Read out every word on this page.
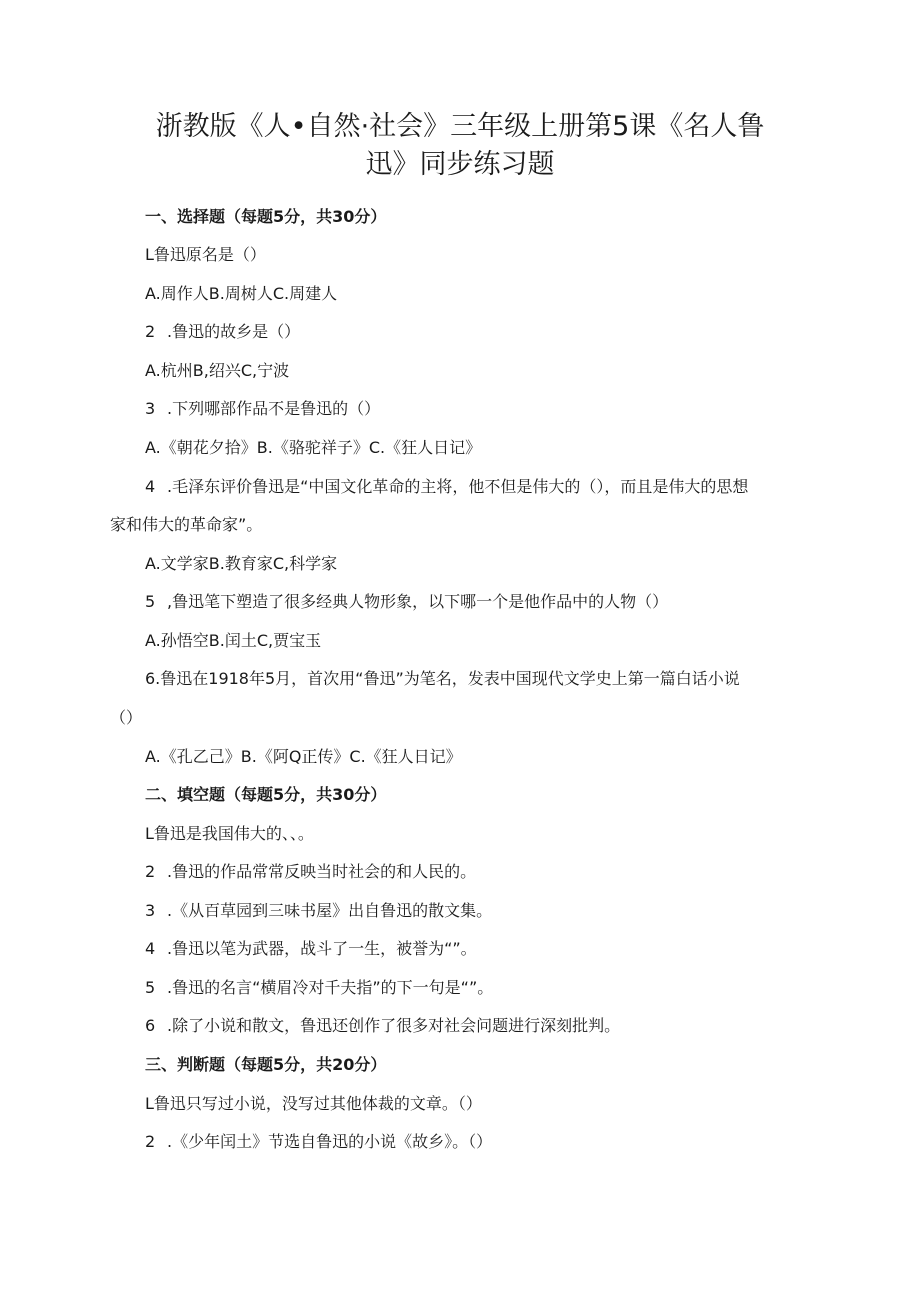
浙教版《人•自然·社会》三年级上册第5课《名人鲁
迅》同步练习题
一、选择题（每题5分，共30分）
L鲁迅原名是（）
A.周作人B.周树人C.周建人
2 .鲁迅的故乡是（）
A.杭州B,绍兴C,宁波
3 .下列哪部作品不是鲁迅的（）
A.《朝花夕拾》B.《骆驼祥子》C.《狂人日记》
4 .毛泽东评价鲁迅是“中国文化革命的主将，他不但是伟大的（），而且是伟大的思想
家和伟大的革命家”。
A.文学家B.教育家C,科学家
5 ,鲁迅笔下塑造了很多经典人物形象，以下哪一个是他作品中的人物（）
A.孙悟空B.闰土C,贾宝玉
6.鲁迅在1918年5月，首次用“鲁迅”为笔名，发表中国现代文学史上第一篇白话小说
（）
A.《孔乙己》B.《阿Q正传》C.《狂人日记》
二、填空题（每题5分，共30分）
L鲁迅是我国伟大的、、。
2 .鲁迅的作品常常反映当时社会的和人民的。
3 .《从百草园到三味书屋》出自鲁迅的散文集。
4 .鲁迅以笔为武器，战斗了一生，被誉为“”。
5 .鲁迅的名言“横眉冷对千夫指”的下一句是“”。
6 .除了小说和散文，鲁迅还创作了很多对社会问题进行深刻批判。
三、判断题（每题5分，共20分）
L鲁迅只写过小说，没写过其他体裁的文章。（）
2 .《少年闰土》节选自鲁迅的小说《故乡》。（）
